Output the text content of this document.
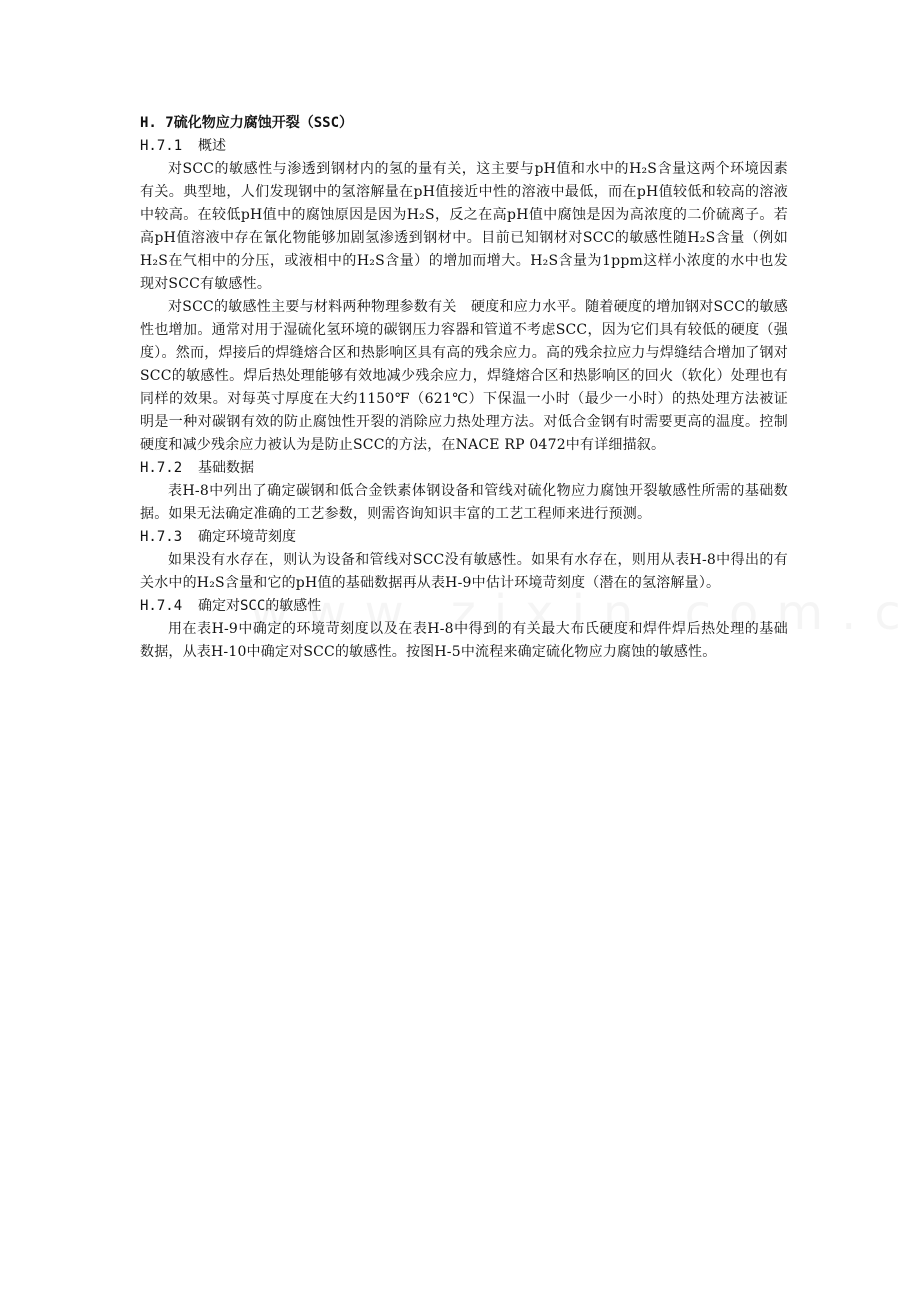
H. 7硫化物应力腐蚀开裂（SSC）

H.7.1 概述

对SCC的敏感性与渗透到钢材内的氢的量有关，这主要与pH值和水中的H₂S含量这两个环境因素有关。典型地，人们发现钢中的氢溶解量在pH值接近中性的溶液中最低，而在pH值较低和较高的溶液中较高。在较低pH值中的腐蚀原因是因为H₂S，反之在高pH值中腐蚀是因为高浓度的二价硫离子。若高pH值溶液中存在氰化物能够加剧氢渗透到钢材中。目前已知钢材对SCC的敏感性随H₂S含量（例如H₂S在气相中的分压，或液相中的H₂S含量）的增加而增大。H₂S含量为1ppm这样小浓度的水中也发现对SCC有敏感性。

对SCC的敏感性主要与材料两种物理参数有关　硬度和应力水平。随着硬度的增加钢对SCC的敏感性也增加。通常对用于湿硫化氢环境的碳钢压力容器和管道不考虑SCC，因为它们具有较低的硬度（强度）。然而，焊接后的焊缝熔合区和热影响区具有高的残余应力。高的残余拉应力与焊缝结合增加了钢对SCC的敏感性。焊后热处理能够有效地减少残余应力，焊缝熔合区和热影响区的回火（软化）处理也有同样的效果。对每英寸厚度在大约1150℉（621℃）下保温一小时（最少一小时）的热处理方法被证明是一种对碳钢有效的防止腐蚀性开裂的消除应力热处理方法。对低合金钢有时需要更高的温度。控制硬度和减少残余应力被认为是防止SCC的方法，在NACE RP 0472中有详细描叙。

H.7.2 基础数据

表H-8中列出了确定碳钢和低合金铁素体钢设备和管线对硫化物应力腐蚀开裂敏感性所需的基础数据。如果无法确定准确的工艺参数，则需咨询知识丰富的工艺工程师来进行预测。

H.7.3 确定环境苛刻度

如果没有水存在，则认为设备和管线对SCC没有敏感性。如果有水存在，则用从表H-8中得出的有关水中的H₂S含量和它的pH值的基础数据再从表H-9中估计环境苛刻度（潜在的氢溶解量）。

H.7.4 确定对SCC的敏感性

用在表H-9中确定的环境苛刻度以及在表H-8中得到的有关最大布氏硬度和焊件焊后热处理的基础数据，从表H-10中确定对SCC的敏感性。按图H-5中流程来确定硫化物应力腐蚀的敏感性。
